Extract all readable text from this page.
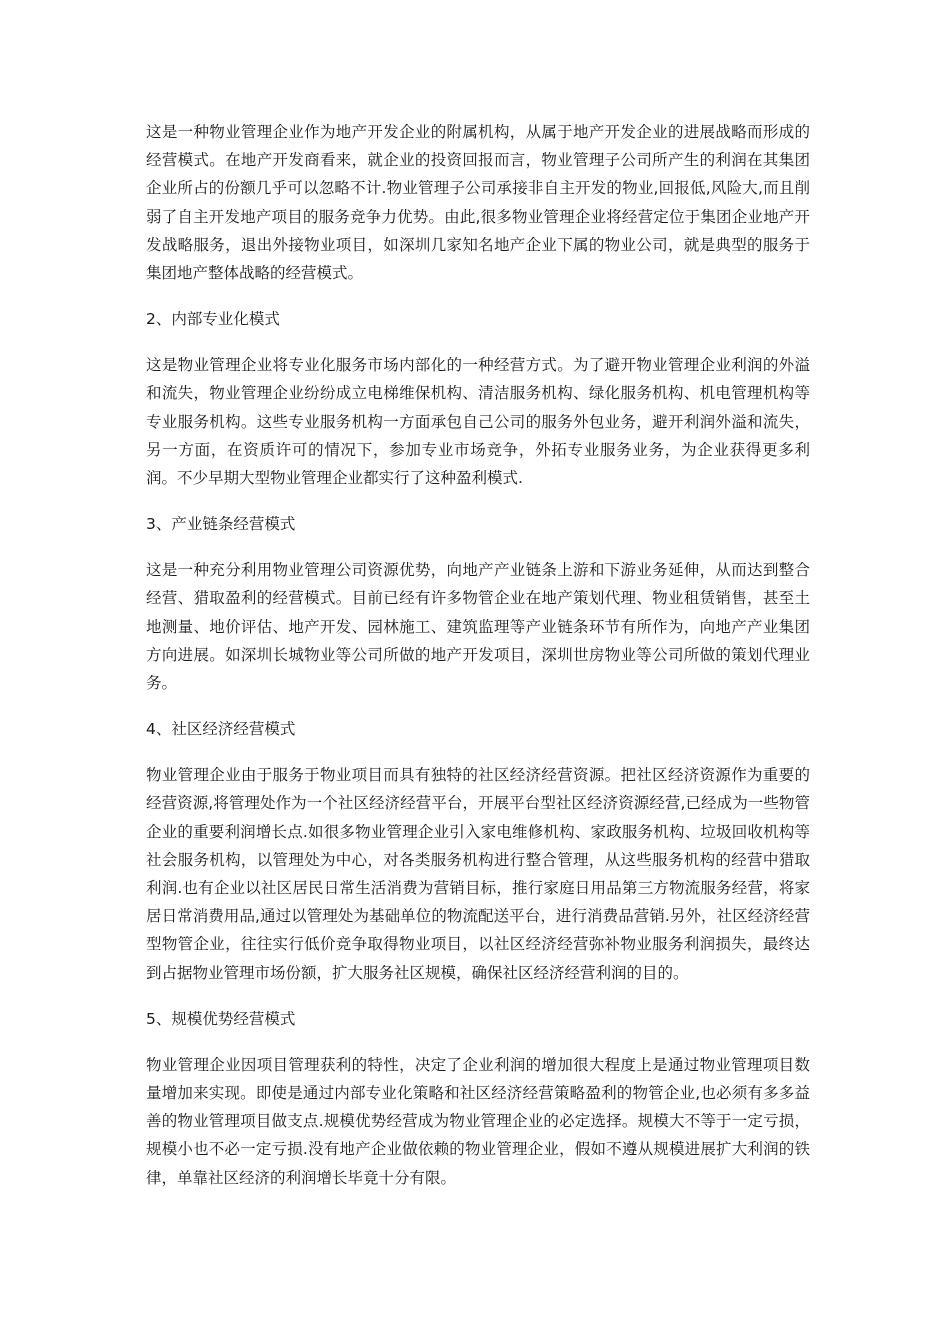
这是一种物业管理企业作为地产开发企业的附属机构，从属于地产开发企业的进展战略而形成的经营模式。在地产开发商看来，就企业的投资回报而言，物业管理子公司所产生的利润在其集团企业所占的份额几乎可以忽略不计.物业管理子公司承接非自主开发的物业,回报低,风险大,而且削弱了自主开发地产项目的服务竞争力优势。由此,很多物业管理企业将经营定位于集团企业地产开发战略服务，退出外接物业项目，如深圳几家知名地产企业下属的物业公司，就是典型的服务于集团地产整体战略的经营模式。

2、内部专业化模式

这是物业管理企业将专业化服务市场内部化的一种经营方式。为了避开物业管理企业利润的外溢和流失，物业管理企业纷纷成立电梯维保机构、清洁服务机构、绿化服务机构、机电管理机构等专业服务机构。这些专业服务机构一方面承包自己公司的服务外包业务，避开利润外溢和流失，另一方面，在资质许可的情况下，参加专业市场竞争，外拓专业服务业务，为企业获得更多利润。不少早期大型物业管理企业都实行了这种盈利模式.

3、产业链条经营模式

这是一种充分利用物业管理公司资源优势，向地产产业链条上游和下游业务延伸，从而达到整合经营、猎取盈利的经营模式。目前已经有许多物管企业在地产策划代理、物业租赁销售，甚至土地测量、地价评估、地产开发、园林施工、建筑监理等产业链条环节有所作为，向地产产业集团方向进展。如深圳长城物业等公司所做的地产开发项目，深圳世房物业等公司所做的策划代理业务。

4、社区经济经营模式

物业管理企业由于服务于物业项目而具有独特的社区经济经营资源。把社区经济资源作为重要的经营资源,将管理处作为一个社区经济经营平台，开展平台型社区经济资源经营,已经成为一些物管企业的重要利润增长点.如很多物业管理企业引入家电维修机构、家政服务机构、垃圾回收机构等社会服务机构，以管理处为中心，对各类服务机构进行整合管理，从这些服务机构的经营中猎取利润.也有企业以社区居民日常生活消费为营销目标，推行家庭日用品第三方物流服务经营，将家居日常消费用品,通过以管理处为基础单位的物流配送平台，进行消费品营销.另外，社区经济经营型物管企业，往往实行低价竞争取得物业项目，以社区经济经营弥补物业服务利润损失，最终达到占据物业管理市场份额，扩大服务社区规模，确保社区经济经营利润的目的。

5、规模优势经营模式

物业管理企业因项目管理获利的特性，决定了企业利润的增加很大程度上是通过物业管理项目数量增加来实现。即使是通过内部专业化策略和社区经济经营策略盈利的物管企业,也必须有多多益善的物业管理项目做支点.规模优势经营成为物业管理企业的必定选择。规模大不等于一定亏损，规模小也不必一定亏损.没有地产企业做依赖的物业管理企业，假如不遵从规模进展扩大利润的铁律，单靠社区经济的利润增长毕竟十分有限。
